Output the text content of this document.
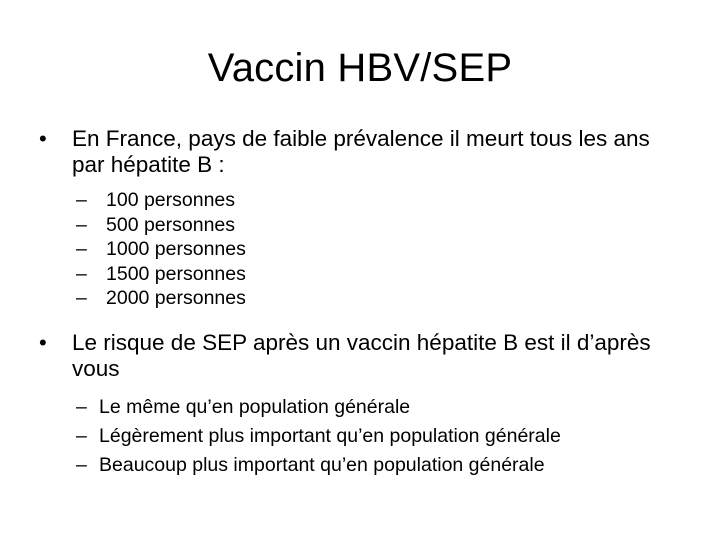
Vaccin HBV/SEP
• En France, pays de faible prévalence il meurt tous les ans par hépatite B :
– 100 personnes
– 500 personnes
– 1000 personnes
– 1500 personnes
– 2000 personnes
• Le risque de SEP après un vaccin hépatite B est il d’après vous
– Le même qu’en population générale
– Légèrement plus important qu’en population générale
– Beaucoup plus important qu’en population générale
